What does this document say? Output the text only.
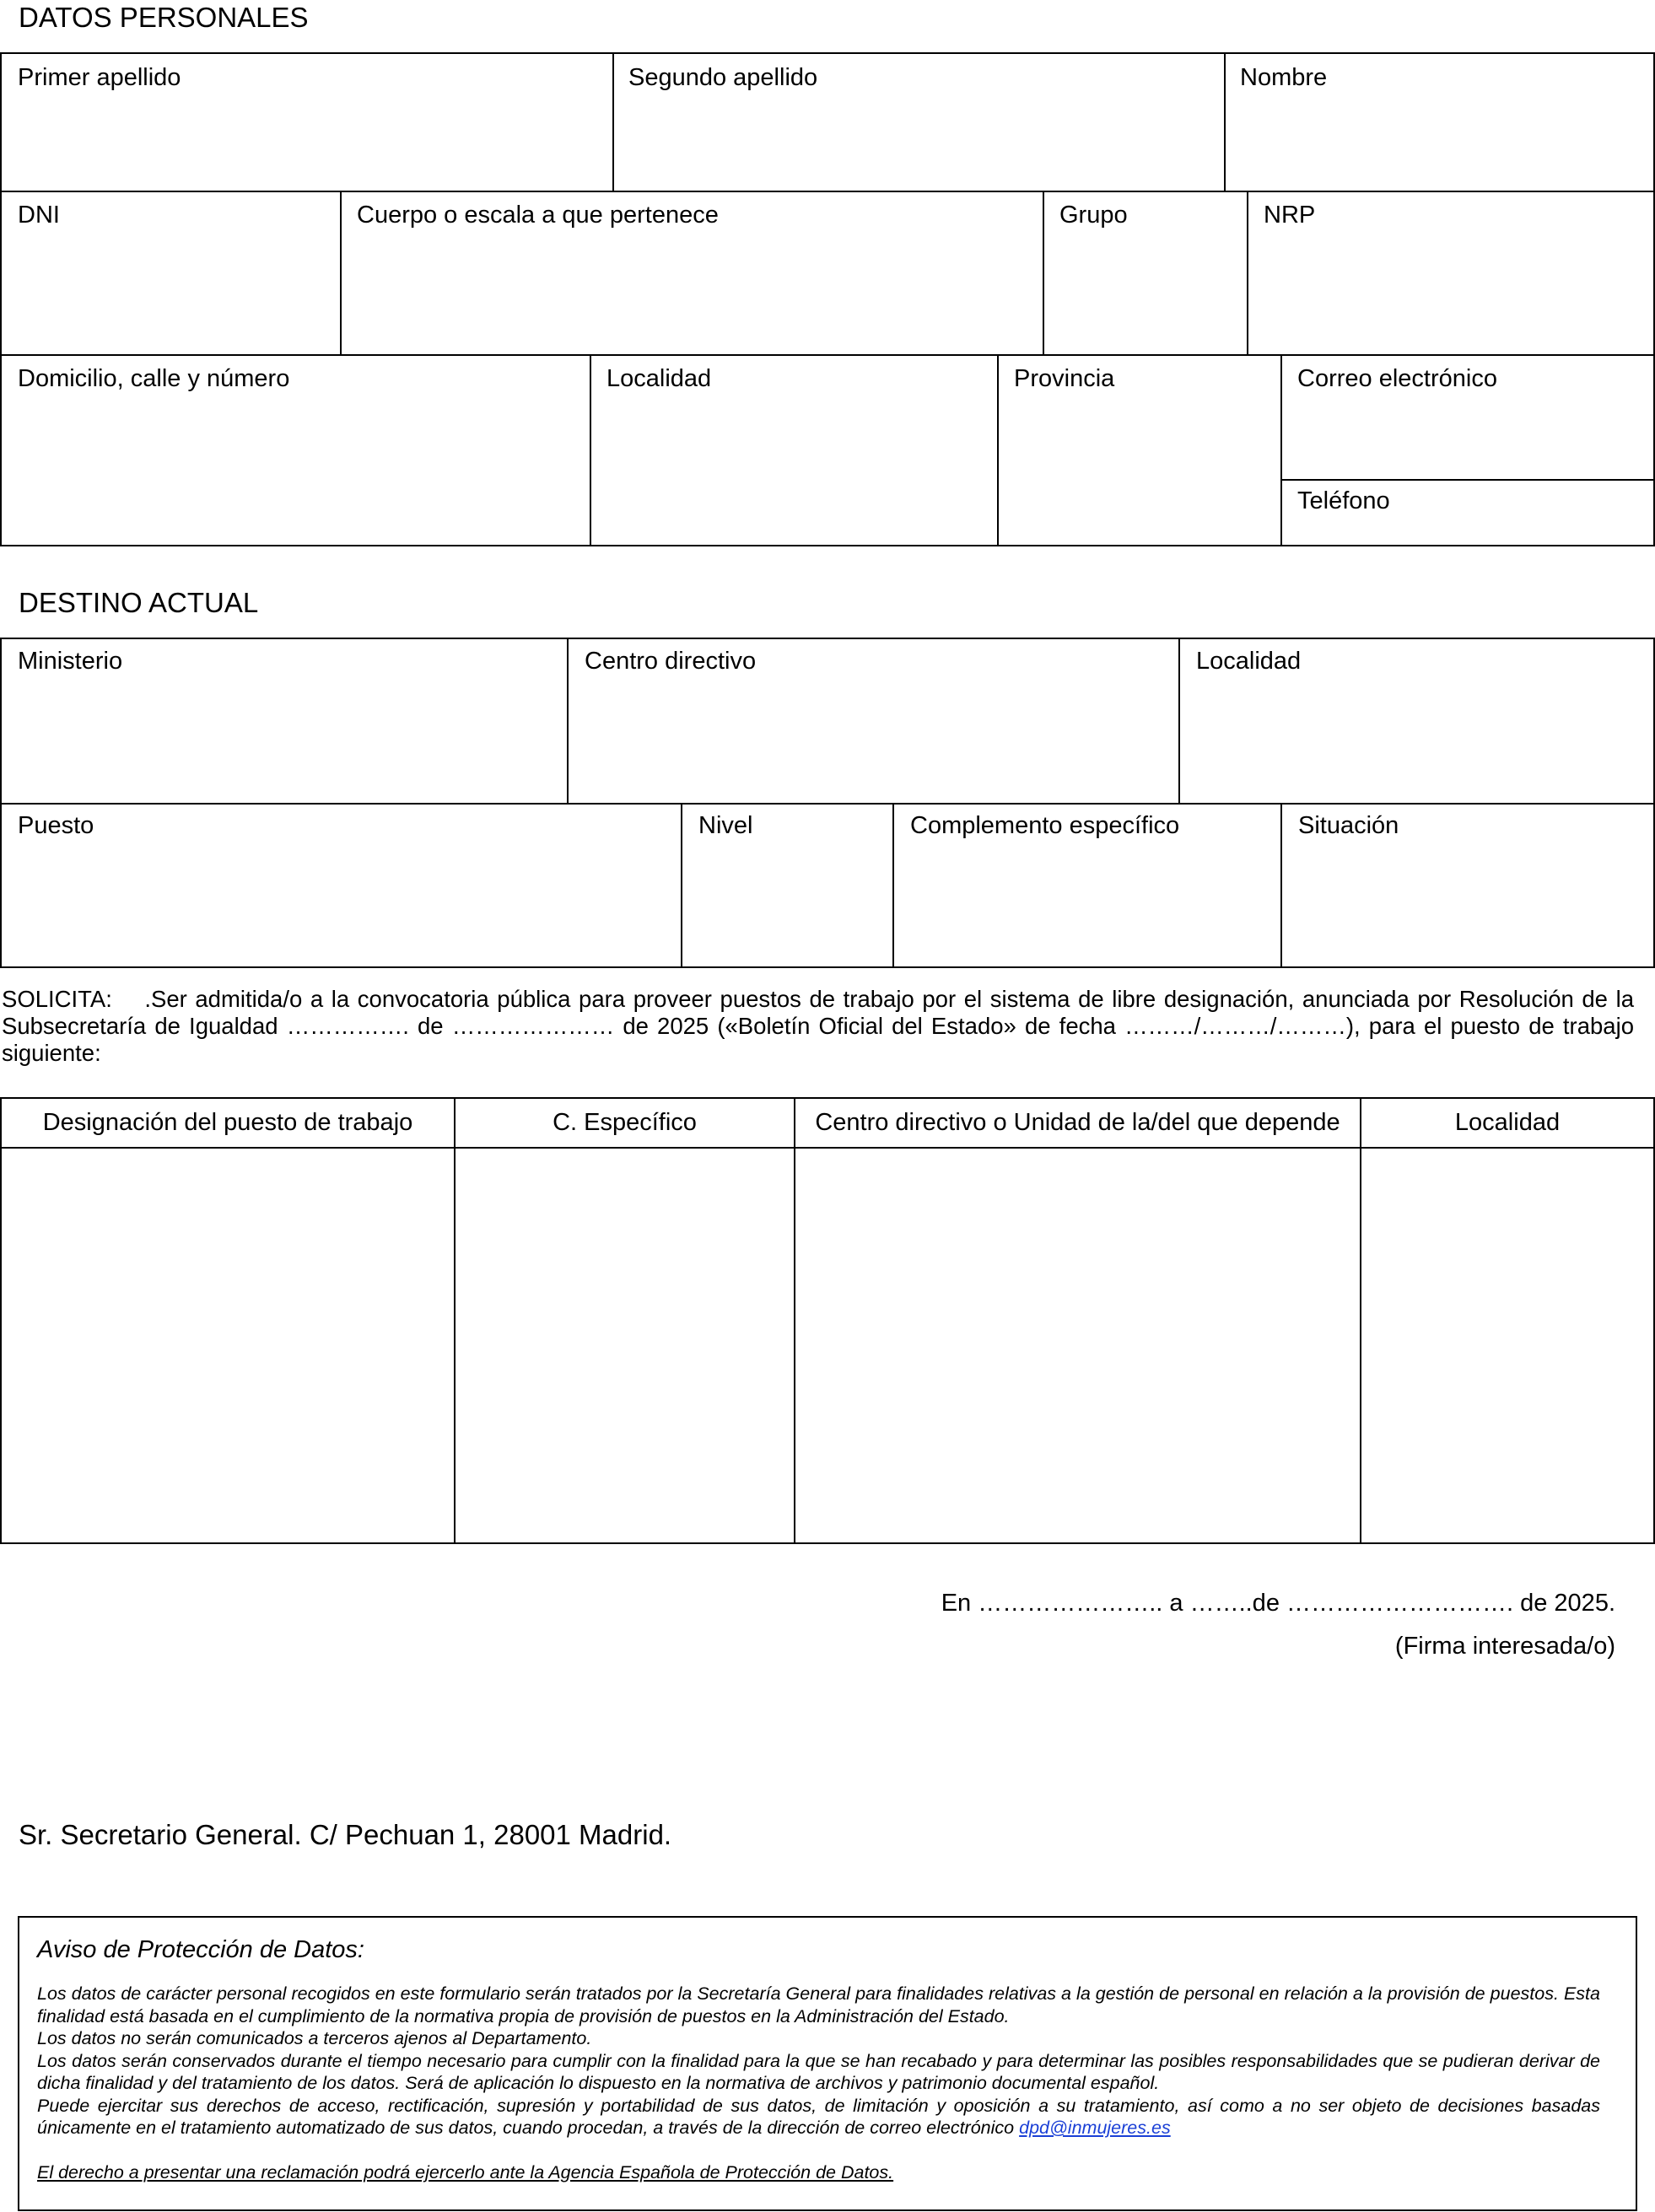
DATOS PERSONALES
Primer apellido	Segundo apellido	Nombre
DNI	Cuerpo o escala a que pertenece	Grupo	NRP
Domicilio, calle y número	Localidad	Provincia	Correo electrónico
Teléfono
DESTINO ACTUAL
Ministerio	Centro directivo	Localidad
Puesto	Nivel	Complemento específico	Situación
SOLICITA: .Ser admitida/o a la convocatoria pública para proveer puestos de trabajo por el sistema de libre designación, anunciada por Resolución de la Subsecretaría de Igualdad ……………. de ………………… de 2025 («Boletín Oficial del Estado» de fecha ………/………/………), para el puesto de trabajo siguiente:
Designación del puesto de trabajo	C. Específico	Centro directivo o Unidad de la/del que depende	Localidad
En ………………….. a ……..de ………………………. de 2025.
(Firma interesada/o)
Sr. Secretario General. C/ Pechuan 1, 28001 Madrid.
Aviso de Protección de Datos:

Los datos de carácter personal recogidos en este formulario serán tratados por la Secretaría General para finalidades relativas a la gestión de personal en relación a la provisión de puestos. Esta finalidad está basada en el cumplimiento de la normativa propia de provisión de puestos en la Administración del Estado.

Los datos no serán comunicados a terceros ajenos al Departamento.

Los datos serán conservados durante el tiempo necesario para cumplir con la finalidad para la que se han recabado y para determinar las posibles responsabilidades que se pudieran derivar de dicha finalidad y del tratamiento de los datos. Será de aplicación lo dispuesto en la normativa de archivos y patrimonio documental español.

Puede ejercitar sus derechos de acceso, rectificación, supresión y portabilidad de sus datos, de limitación y oposición a su tratamiento, así como a no ser objeto de decisiones basadas únicamente en el tratamiento automatizado de sus datos, cuando procedan, a través de la dirección de correo electrónico dpd@inmujeres.es

El derecho a presentar una reclamación podrá ejercerlo ante la Agencia Española de Protección de Datos.
